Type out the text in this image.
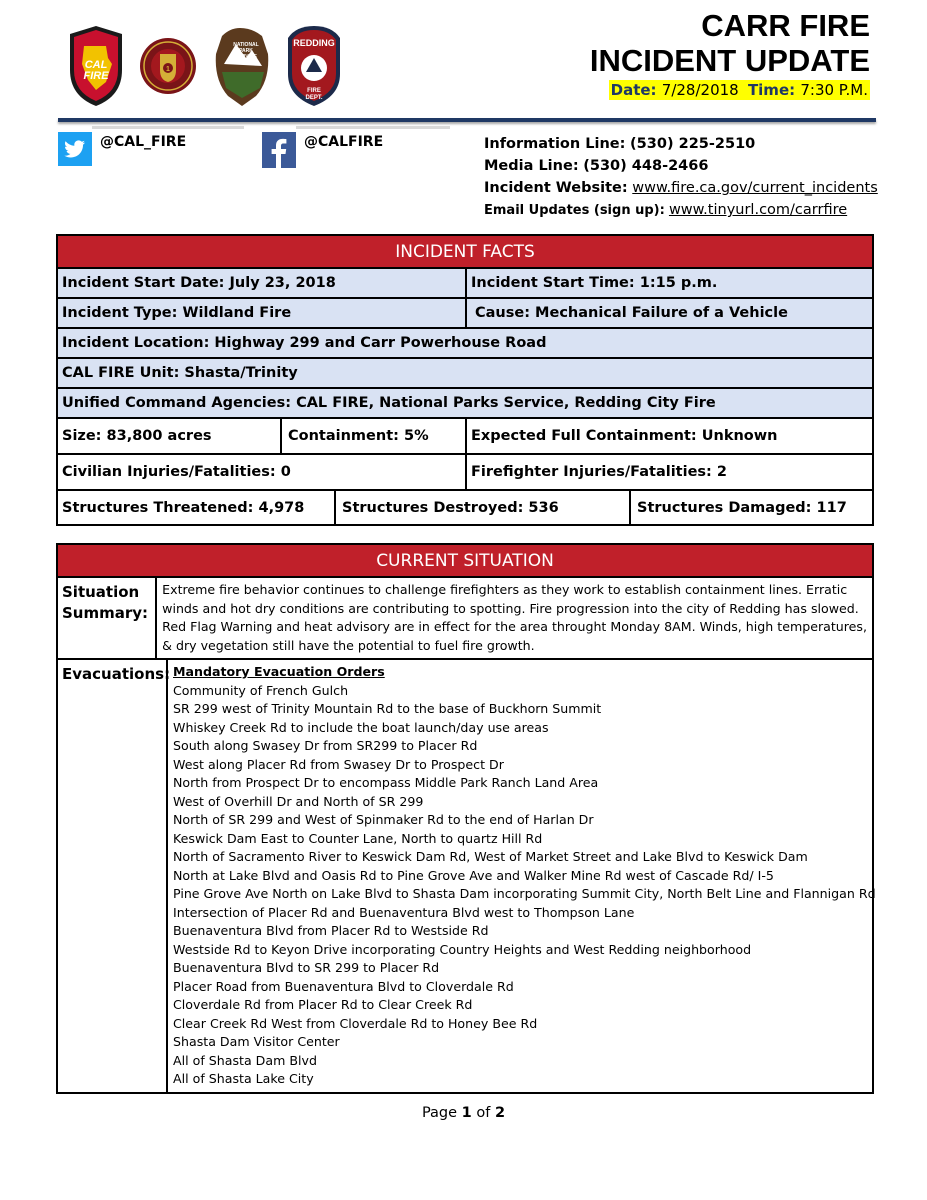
CAL
FIRE
1
NATIONAL
PARK
SERVICE
REDDING
FIRE
DEPT.
CARR FIRE
INCIDENT UPDATE
Date: 7/28/2018 Time: 7:30 P.M.
@CAL_FIRE	@CALFIRE	Information Line: (530) 225-2510
Media Line: (530) 448-2466
Incident Website: www.fire.ca.gov/current_incidents
Email Updates (sign up): www.tinyurl.com/carrfire
INCIDENT FACTS
Incident Start Date: July 23, 2018	Incident Start Time: 1:15 p.m.
Incident Type: Wildland Fire	Cause: Mechanical Failure of a Vehicle
Incident Location: Highway 299 and Carr Powerhouse Road
CAL FIRE Unit: Shasta/Trinity
Unified Command Agencies: CAL FIRE, National Parks Service, Redding City Fire
Size: 83,800 acres	Containment: 5%	Expected Full Containment: Unknown
Civilian Injuries/Fatalities: 0	Firefighter Injuries/Fatalities: 2
Structures Threatened: 4,978	Structures Destroyed: 536	Structures Damaged: 117
CURRENT SITUATION
Situation
Summary:
Extreme fire behavior continues to challenge firefighters as they work to establish containment lines. Erratic
winds and hot dry conditions are contributing to spotting. Fire progression into the city of Redding has slowed.
Red Flag Warning and heat advisory are in effect for the area throught Monday 8AM. Winds, high temperatures,
& dry vegetation still have the potential to fuel fire growth.
Evacuations: Mandatory Evacuation Orders
Community of French Gulch
SR 299 west of Trinity Mountain Rd to the base of Buckhorn Summit
Whiskey Creek Rd to include the boat launch/day use areas
South along Swasey Dr from SR299 to Placer Rd
West along Placer Rd from Swasey Dr to Prospect Dr
North from Prospect Dr to encompass Middle Park Ranch Land Area
West of Overhill Dr and North of SR 299
North of SR 299 and West of Spinmaker Rd to the end of Harlan Dr
Keswick Dam East to Counter Lane, North to quartz Hill Rd
North of Sacramento River to Keswick Dam Rd, West of Market Street and Lake Blvd to Keswick Dam
North at Lake Blvd and Oasis Rd to Pine Grove Ave and Walker Mine Rd west of Cascade Rd/ I-5
Pine Grove Ave North on Lake Blvd to Shasta Dam incorporating Summit City, North Belt Line and Flannigan Rd
Intersection of Placer Rd and Buenaventura Blvd west to Thompson Lane
Buenaventura Blvd from Placer Rd to Westside Rd
Westside Rd to Keyon Drive incorporating Country Heights and West Redding neighborhood
Buenaventura Blvd to SR 299 to Placer Rd
Placer Road from Buenaventura Blvd to Cloverdale Rd
Cloverdale Rd from Placer Rd to Clear Creek Rd
Clear Creek Rd West from Cloverdale Rd to Honey Bee Rd
Shasta Dam Visitor Center
All of Shasta Dam Blvd
All of Shasta Lake City
Page 1 of 2
